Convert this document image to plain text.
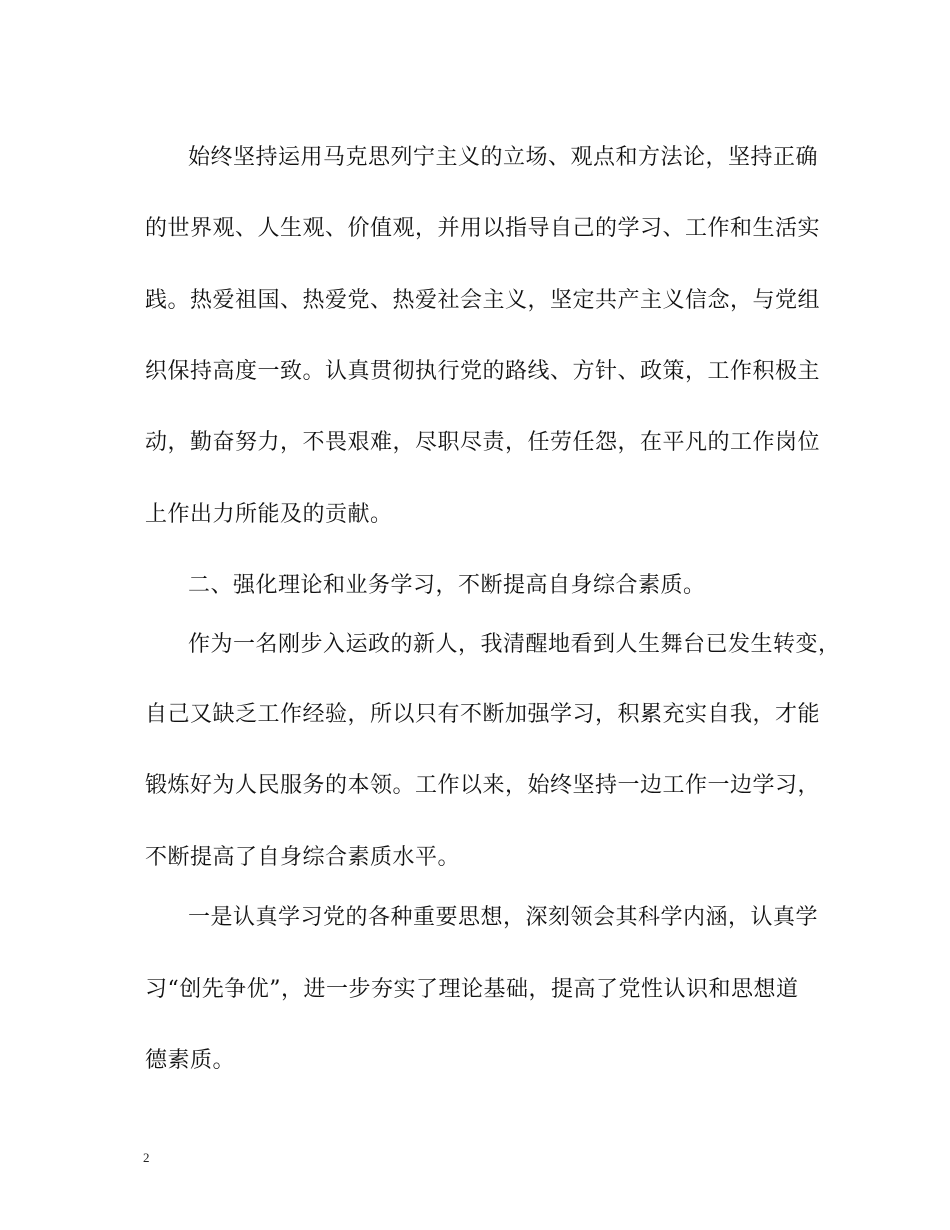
始终坚持运用马克思列宁主义的立场、观点和方法论，坚持正确
的世界观、人生观、价值观，并用以指导自己的学习、工作和生活实
践。热爱祖国、热爱党、热爱社会主义，坚定共产主义信念，与党组
织保持高度一致。认真贯彻执行党的路线、方针、政策，工作积极主
动，勤奋努力，不畏艰难，尽职尽责，任劳任怨，在平凡的工作岗位
上作出力所能及的贡献。
二、强化理论和业务学习，不断提高自身综合素质。
作为一名刚步入运政的新人，我清醒地看到人生舞台已发生转变，
自己又缺乏工作经验，所以只有不断加强学习，积累充实自我，才能
锻炼好为人民服务的本领。工作以来，始终坚持一边工作一边学习，
不断提高了自身综合素质水平。
一是认真学习党的各种重要思想，深刻领会其科学内涵，认真学
习“创先争优”，进一步夯实了理论基础，提高了党性认识和思想道
德素质。
2
